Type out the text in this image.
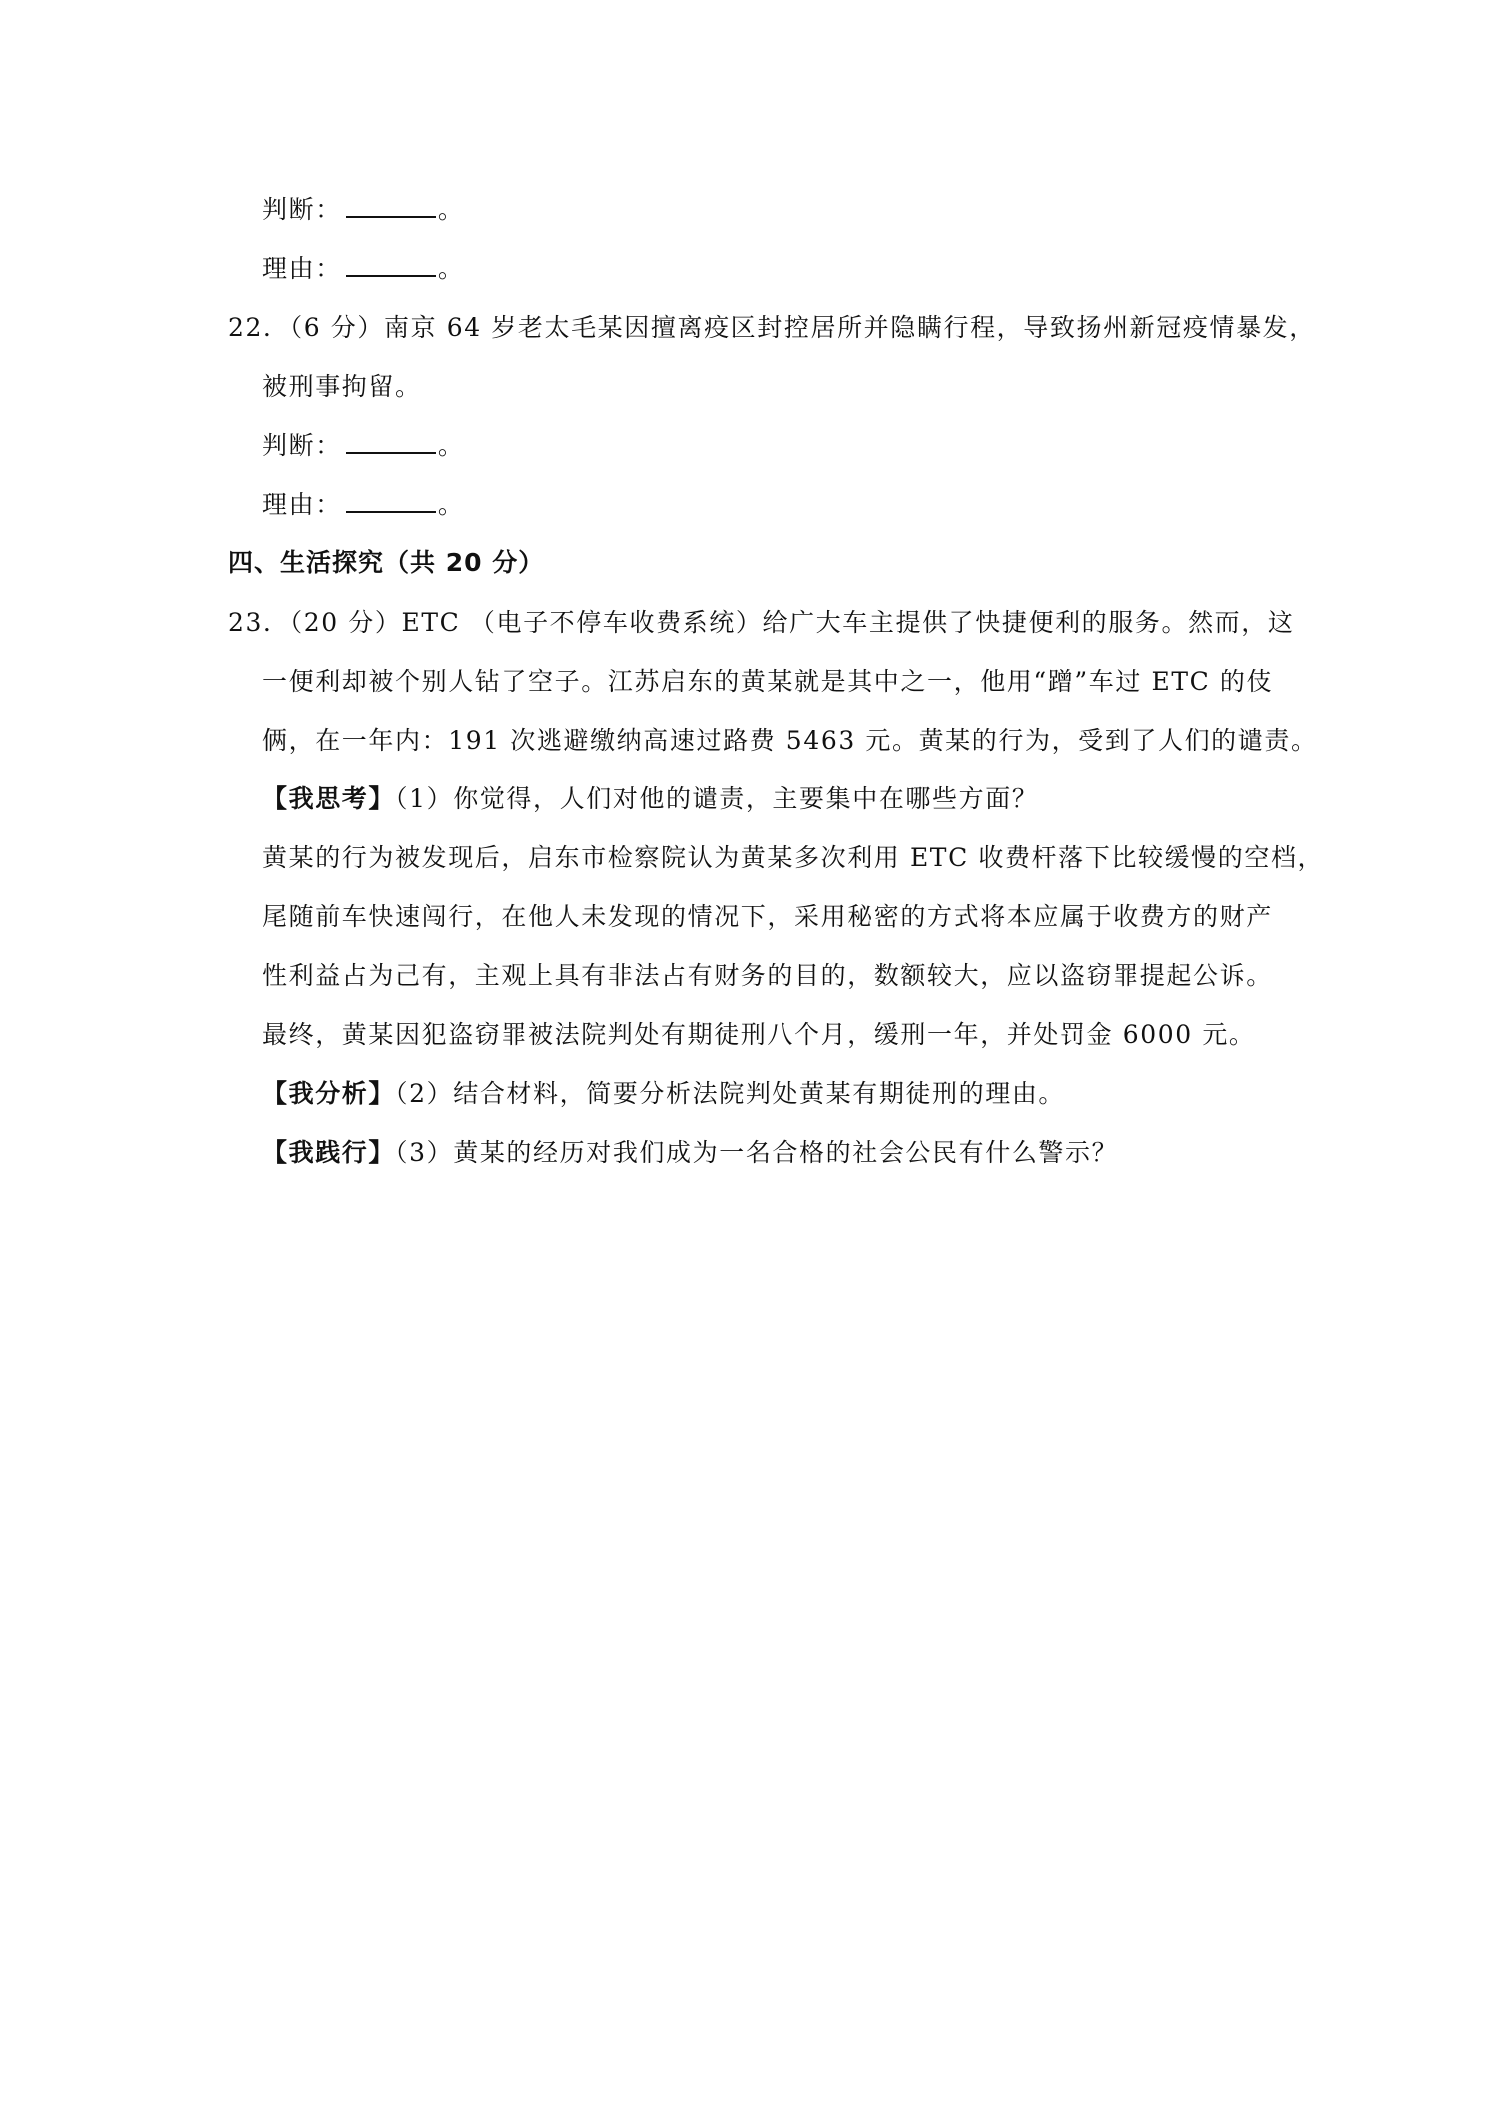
判断：	。
理由：	。
22．（6 分）南京 64 岁老太毛某因擅离疫区封控居所并隐瞒行程，导致扬州新冠疫情暴发，
被刑事拘留。
判断：	。
理由：	。
四、生活探究（共 20 分）
23．（20 分）ETC （电子不停车收费系统）给广大车主提供了快捷便利的服务。然而，这
一便利却被个别人钻了空子。江苏启东的黄某就是其中之一，他用“蹭”车过 ETC 的伎
俩，在一年内：191 次逃避缴纳高速过路费 5463 元。黄某的行为，受到了人们的谴责。
【我思考】（1）你觉得，人们对他的谴责，主要集中在哪些方面？
黄某的行为被发现后，启东市检察院认为黄某多次利用 ETC 收费杆落下比较缓慢的空档，
尾随前车快速闯行，在他人未发现的情况下，采用秘密的方式将本应属于收费方的财产
性利益占为己有，主观上具有非法占有财务的目的，数额较大，应以盗窃罪提起公诉。
最终，黄某因犯盗窃罪被法院判处有期徒刑八个月，缓刑一年，并处罚金 6000 元。
【我分析】（2）结合材料，简要分析法院判处黄某有期徒刑的理由。
【我践行】（3）黄某的经历对我们成为一名合格的社会公民有什么警示？
